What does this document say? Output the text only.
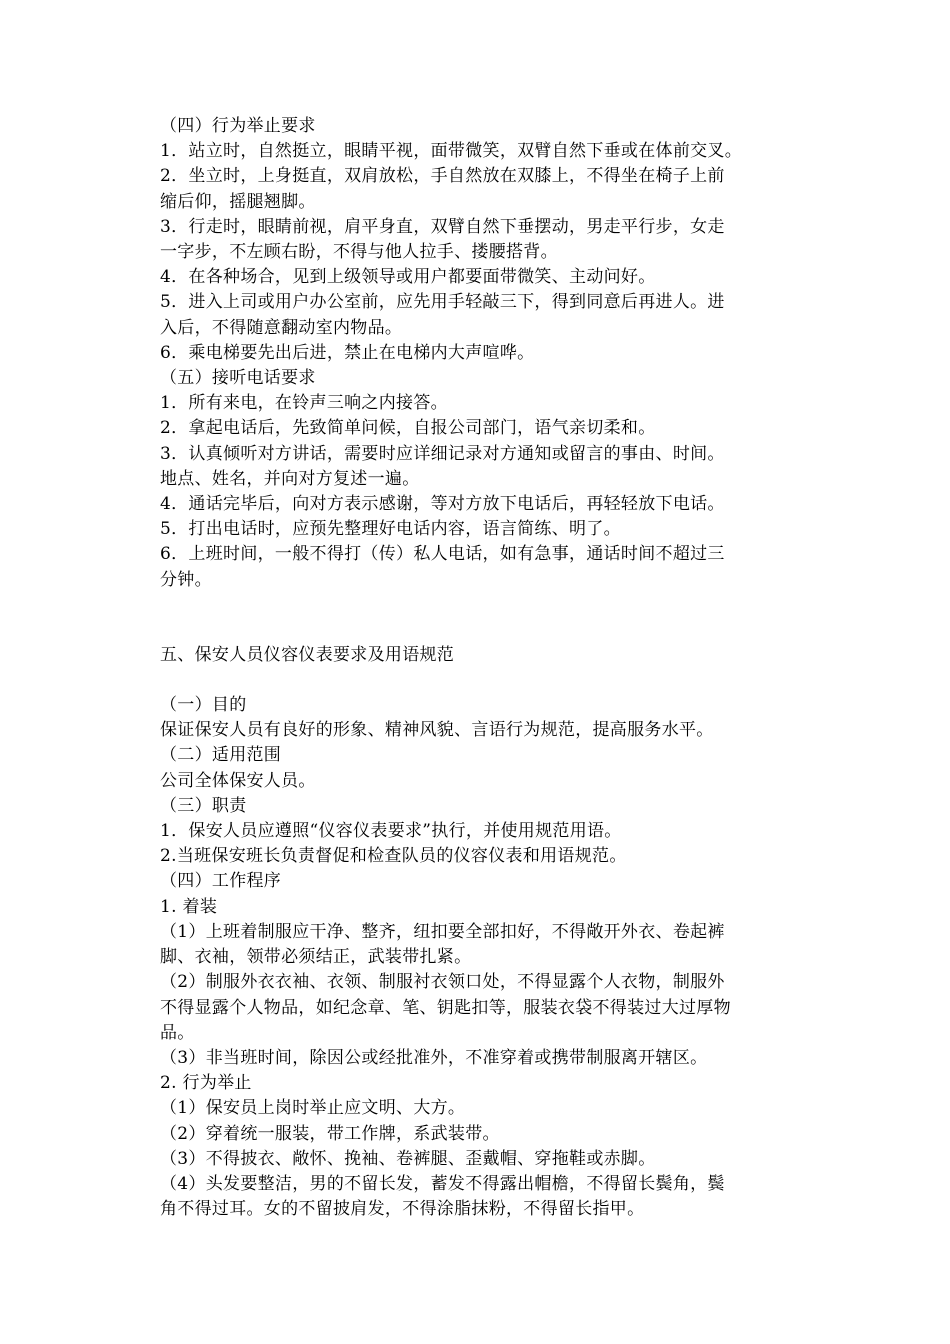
（四）行为举止要求
1．站立时，自然挺立，眼睛平视，面带微笑，双臂自然下垂或在体前交叉。
2．坐立时，上身挺直，双肩放松，手自然放在双膝上，不得坐在椅子上前
缩后仰，摇腿翘脚。
3．行走时，眼睛前视，肩平身直，双臂自然下垂摆动，男走平行步，女走
一字步，不左顾右盼，不得与他人拉手、搂腰搭背。
4．在各种场合，见到上级领导或用户都要面带微笑、主动问好。
5．进入上司或用户办公室前，应先用手轻敲三下，得到同意后再进人。进
入后，不得随意翻动室内物品。
6．乘电梯要先出后进，禁止在电梯内大声喧哗。
（五）接听电话要求
1．所有来电，在铃声三响之内接答。
2．拿起电话后，先致简单问候，自报公司部门，语气亲切柔和。
3．认真倾听对方讲话，需要时应详细记录对方通知或留言的事由、时间。
地点、姓名，并向对方复述一遍。
4．通话完毕后，向对方表示感谢，等对方放下电话后，再轻轻放下电话。
5．打出电话时，应预先整理好电话内容，语言简练、明了。
6．上班时间，一般不得打（传）私人电话，如有急事，通话时间不超过三
分钟。
五、保安人员仪容仪表要求及用语规范
（一）目的
保证保安人员有良好的形象、精神风貌、言语行为规范，提高服务水平。
（二）适用范围
公司全体保安人员。
（三）职责
1．保安人员应遵照“仪容仪表要求”执行，并使用规范用语。
2.当班保安班长负责督促和检查队员的仪容仪表和用语规范。
（四）工作程序
1. 着装
（1）上班着制服应干净、整齐，纽扣要全部扣好，不得敞开外衣、卷起裤
脚、衣袖，领带必须结正，武装带扎紧。
（2）制服外衣衣袖、衣领、制服衬衣领口处，不得显露个人衣物，制服外
不得显露个人物品，如纪念章、笔、钥匙扣等，服装衣袋不得装过大过厚物
品。
（3）非当班时间，除因公或经批准外，不准穿着或携带制服离开辖区。
2. 行为举止
（1）保安员上岗时举止应文明、大方。
（2）穿着统一服装，带工作牌，系武装带。
（3）不得披衣、敞怀、挽袖、卷裤腿、歪戴帽、穿拖鞋或赤脚。
（4）头发要整洁，男的不留长发，蓄发不得露出帽檐，不得留长鬓角，鬓
角不得过耳。女的不留披肩发，不得涂脂抹粉，不得留长指甲。
